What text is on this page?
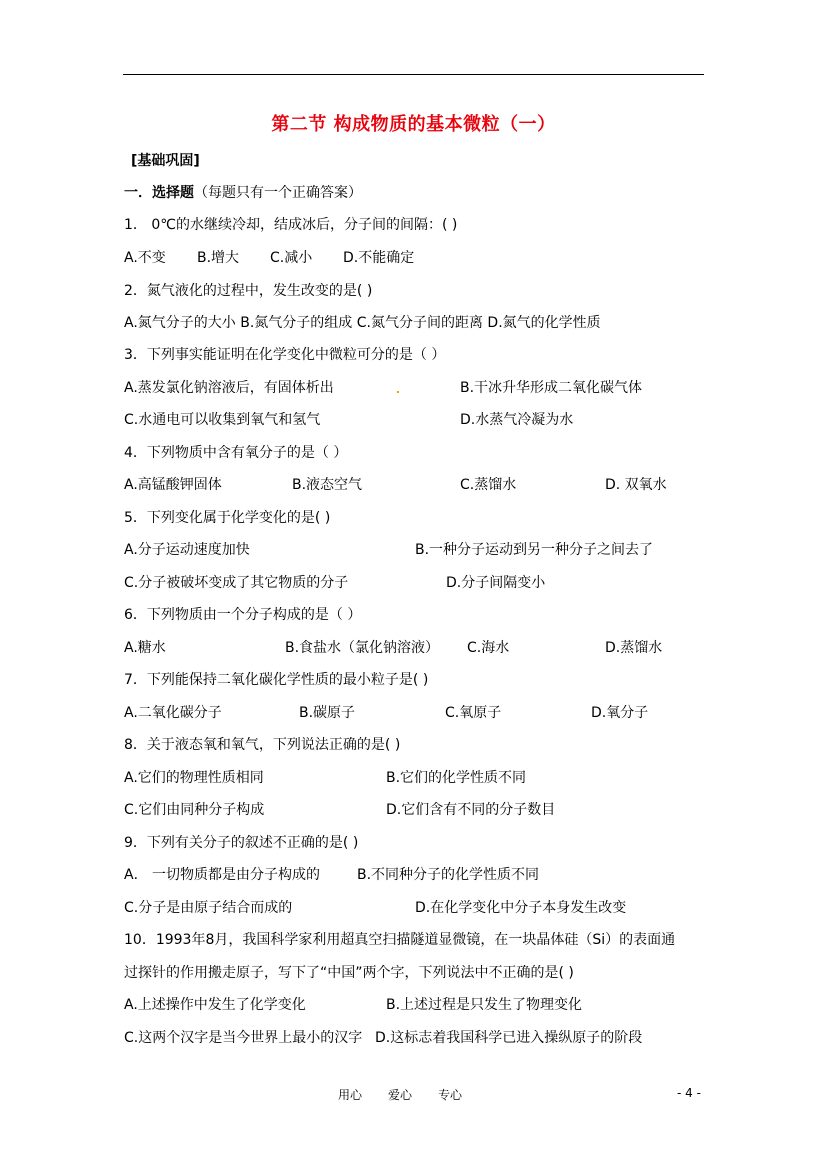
第二节 构成物质的基本微粒（一）
[基础巩固]
一．选择题（每题只有一个正确答案）
1． 0℃的水继续冷却，结成冰后，分子间的间隔：( )
A.不变 B.增大 C.减小 D.不能确定
2．氮气液化的过程中，发生改变的是( )
A.氮气分子的大小 B.氮气分子的组成 C.氮气分子间的距离 D.氮气的化学性质
3．下列事实能证明在化学变化中微粒可分的是（ ）
A.蒸发氯化钠溶液后，有固体析出	B.干冰升华形成二氧化碳气体
C.水通电可以收集到氧气和氢气	D.水蒸气冷凝为水
4．下列物质中含有氧分子的是（ ）
A.高锰酸钾固体	B.液态空气	C.蒸馏水	D. 双氧水
5．下列变化属于化学变化的是( )
A.分子运动速度加快	B.一种分子运动到另一种分子之间去了
C.分子被破坏变成了其它物质的分子	D.分子间隔变小
6．下列物质由一个分子构成的是（ ）
A.糖水	B.食盐水（氯化钠溶液） C.海水	D.蒸馏水
7．下列能保持二氧化碳化学性质的最小粒子是( )
A.二氧化碳分子	B.碳原子	C.氧原子	D.氧分子
8．关于液态氧和氧气，下列说法正确的是( )
A.它们的物理性质相同	B.它们的化学性质不同
C.它们由同种分子构成	D.它们含有不同的分子数目
9．下列有关分子的叙述不正确的是( )
A． 一切物质都是由分子构成的	B.不同种分子的化学性质不同
C.分子是由原子结合而成的	D.在化学变化中分子本身发生改变
10．1993年8月，我国科学家利用超真空扫描隧道显微镜，在一块晶体硅（Si）的表面通
过探针的作用搬走原子，写下了“中国”两个字，下列说法中不正确的是( )
A.上述操作中发生了化学变化	B.上述过程是只发生了物理变化
C.这两个汉字是当今世界上最小的汉字 D.这标志着我国科学已进入操纵原子的阶段
用心 爱心 专心	- 4 -
